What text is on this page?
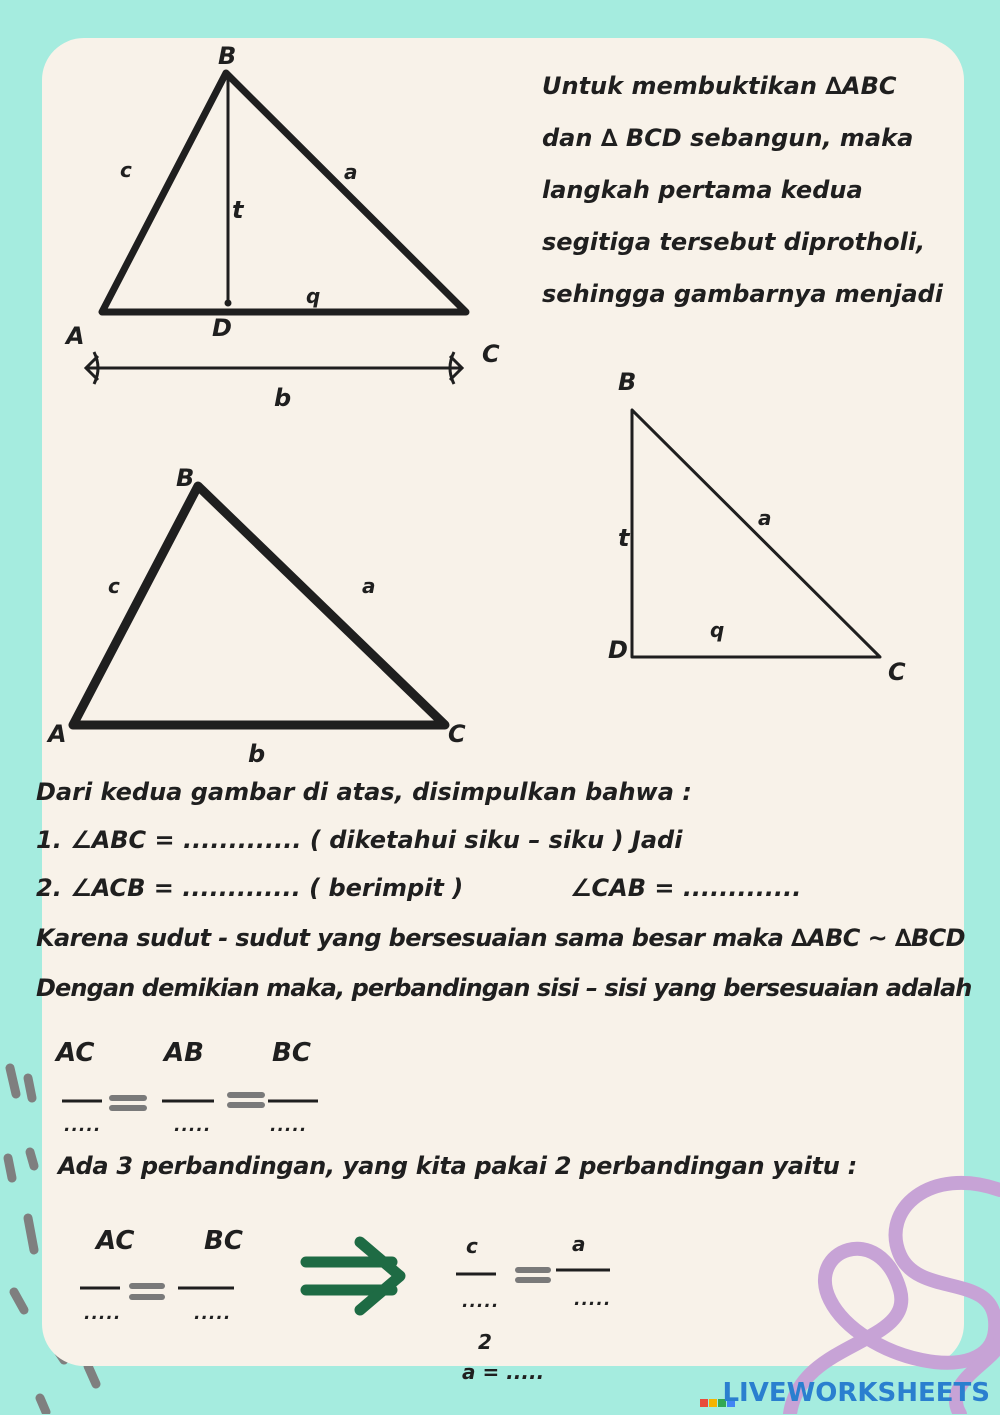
Untuk membuktikan ∆ABC
dan ∆ BCD sebangun, maka
langkah pertama kedua
segitiga tersebut diprotholi,
sehingga gambarnya menjadi
B
A
C
D
c	a
t
q
b
B
A	C
c	a
b
B
D
C
t
a
q
Dari kedua gambar di atas, disimpulkan bahwa :
1. ∠ABC = ............. ( diketahui siku – siku ) Jadi
2. ∠ACB = ............. ( berimpit )	∠CAB = .............
Karena sudut - sudut yang bersesuaian sama besar maka ∆ABC ~ ∆BCD
Dengan demikian maka, perbandingan sisi – sisi yang bersesuaian adalah
AC	AB	BC
.....	.....	.....
Ada 3 perbandingan, yang kita pakai 2 perbandingan yaitu :
AC	BC
.....	.....
c	a
.....	.....
2
a = .....
LIVEWORKSHEETS
